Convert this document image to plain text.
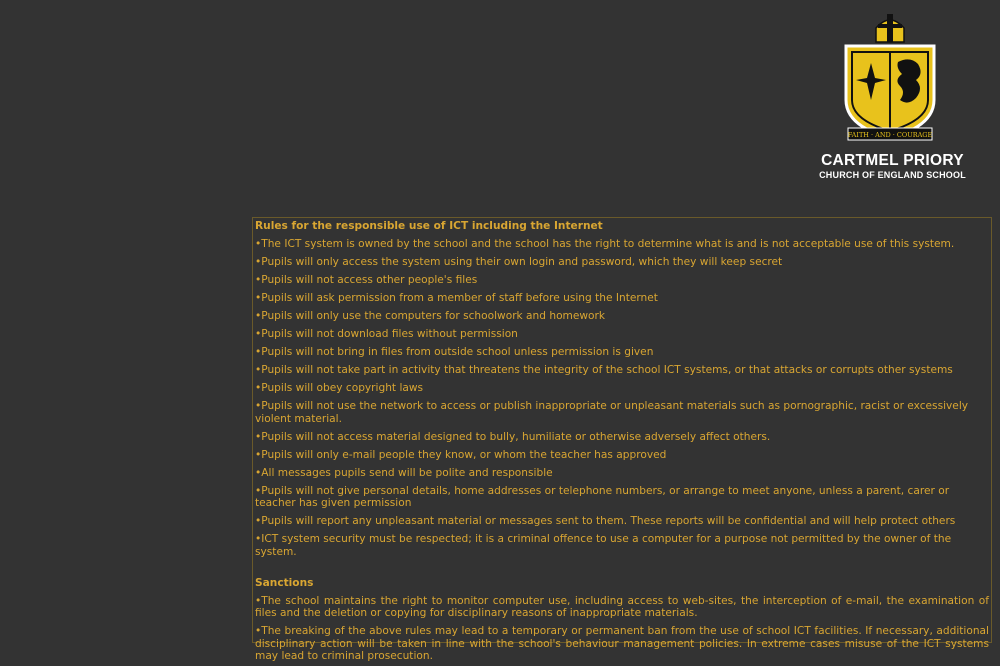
FAITH · AND · COURAGE
CARTMEL PRIORY
CHURCH OF ENGLAND SCHOOL
Rules for the responsible use of ICT including the Internet
•The ICT system is owned by the school and the school has the right to determine what is and is not acceptable use of this system.
•Pupils will only access the system using their own login and password, which they will keep secret
•Pupils will not access other people's files
•Pupils will ask permission from a member of staff before using the Internet
•Pupils will only use the computers for schoolwork and homework
•Pupils will not download files without permission
•Pupils will not bring in files from outside school unless permission is given
•Pupils will not take part in activity that threatens the integrity of the school ICT systems, or that attacks or corrupts other systems
•Pupils will obey copyright laws
•Pupils will not use the network to access or publish inappropriate or unpleasant materials such as pornographic, racist or excessively violent material.
•Pupils will not access material designed to bully, humiliate or otherwise adversely affect others.
•Pupils will only e-mail people they know, or whom the teacher has approved
•All messages pupils send will be polite and responsible
•Pupils will not give personal details, home addresses or telephone numbers, or arrange to meet anyone, unless a parent, carer or teacher has given permission
•Pupils will report any unpleasant material or messages sent to them. These reports will be confidential and will help protect others
•ICT system security must be respected; it is a criminal offence to use a computer for a purpose not permitted by the owner of the system.
Sanctions
•The school maintains the right to monitor computer use, including access to web-sites, the interception of e-mail, the examination of files and the deletion or copying for disciplinary reasons of inappropriate materials.
•The breaking of the above rules may lead to a temporary or permanent ban from the use of school ICT facilities. If necessary, additional disciplinary action will be taken in line with the school's behaviour management policies. In extreme cases misuse of the ICT systems may lead to criminal prosecution.
